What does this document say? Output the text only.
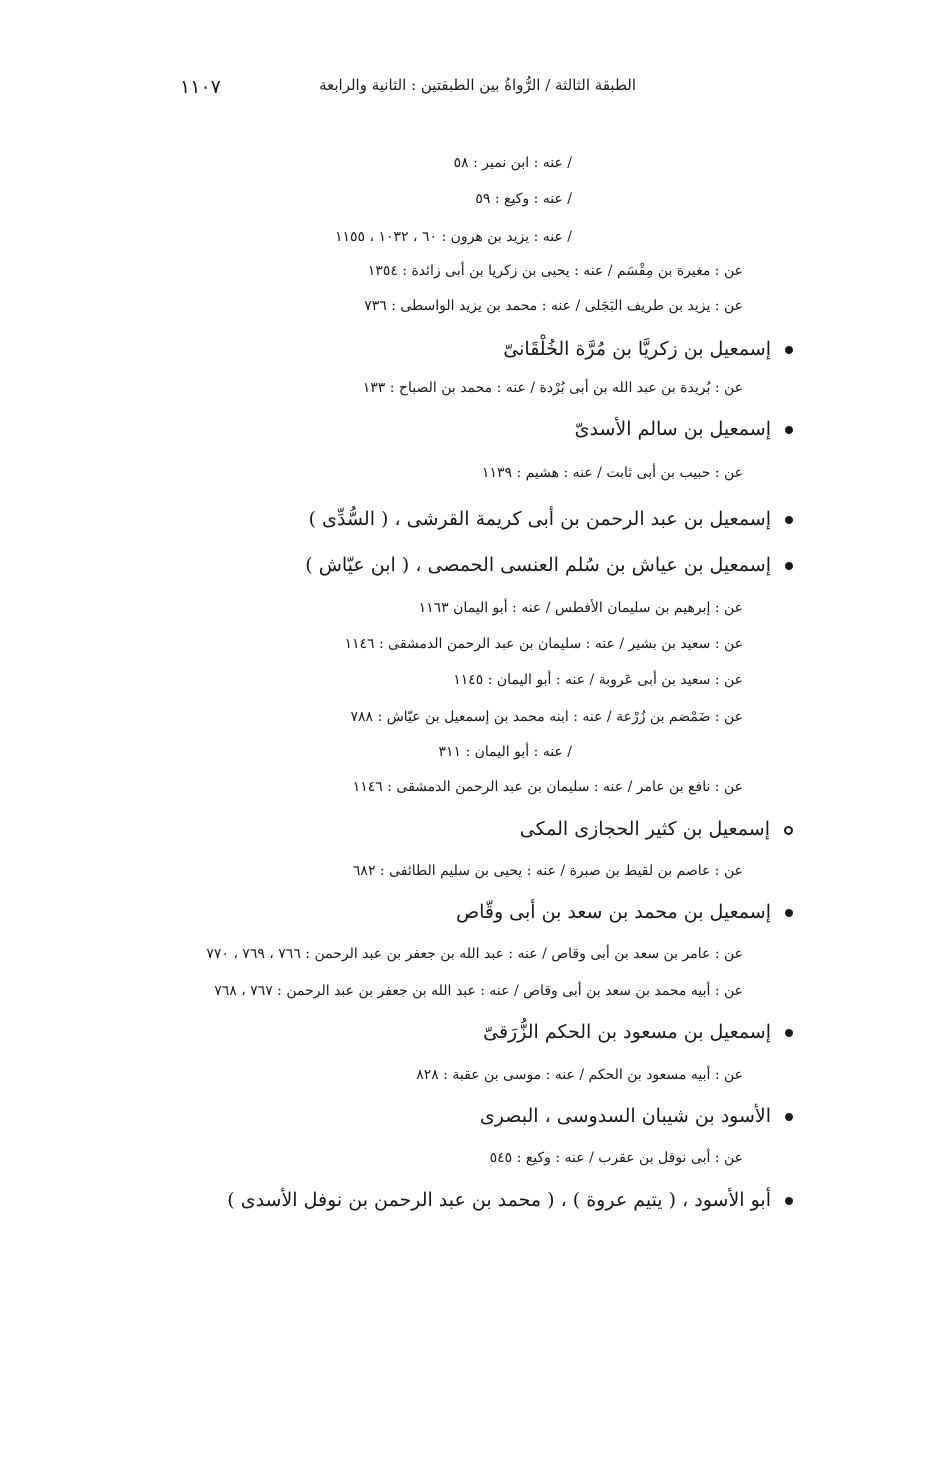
الطبقة الثالثة / الرُّواةُ بين الطبقتين : الثانية والرابعة
١١٠٧
/ عنه : ابن نمير : ٥٨
/ عنه : وكيع : ٥٩
/ عنه : يزيد بن هرون : ٦٠ ، ١٠٣٢ ، ١١٥٥
عن : مغيرة بن مِقْسَم / عنه : يحيى بن زكريا بن أبى زائدة : ١٣٥٤
عن : يزيد بن طريف البَجَلى / عنه : محمد بن يزيد الواسطى : ٧٣٦
إسمعيل بن زكريَّا بن مُرَّة الخُلْقَانىّ
عن : بُريدة بن عبد الله بن أبى بُرْدة / عنه : محمد بن الصباح : ١٣٣
إسمعيل بن سالم الأسدىّ
عن : حبيب بن أبى ثابت / عنه : هشيم : ١١٣٩
إسمعيل بن عبد الرحمن بن أبى كريمة القرشى ، ( السُّدِّى )
إسمعيل بن عياش بن سُلم العنسى الحمصى ، ( ابن عيّاش )
عن : إبرهيم بن سليمان الأفطس / عنه : أبو اليمان ١١٦٣
عن : سعيد بن بشير / عنه : سليمان بن عبد الرحمن الدمشقى : ١١٤٦
عن : سعيد بن أبى عَروبة / عنه : أبو اليمان : ١١٤٥
عن : ضَمْضم بن زُرْعة / عنه : ابنه محمد بن إسمعيل بن عيّاش : ٧٨٨
/ عنه : أبو اليمان : ٣١١
عن : نافع بن عامر / عنه : سليمان بن عبد الرحمن الدمشقى : ١١٤٦
إسمعيل بن كثير الحجازى المكى
عن : عاصم بن لقيط بن صبرة / عنه : يحيى بن سليم الطائفى : ٦٨٢
إسمعيل بن محمد بن سعد بن أبى وقّاص
عن : عامر بن سعد بن أبى وقاص / عنه : عبد الله بن جعفر بن عبد الرحمن : ٧٦٦ ، ٧٦٩ ، ٧٧٠
عن : أبيه محمد بن سعد بن أبى وقاص / عنه : عبد الله بن جعفر بن عبد الرحمن : ٧٦٧ ، ٧٦٨
إسمعيل بن مسعود بن الحكم الزُّرَقىّ
عن : أبيه مسعود بن الحكم / عنه : موسى بن عقبة : ٨٢٨
الأسود بن شيبان السدوسى ، البصرى
عن : أبى نوفل بن عقرب / عنه : وكيع : ٥٤٥
أبو الأسود ، ( يتيم عروة ) ، ( محمد بن عبد الرحمن بن نوفل الأسدى )
